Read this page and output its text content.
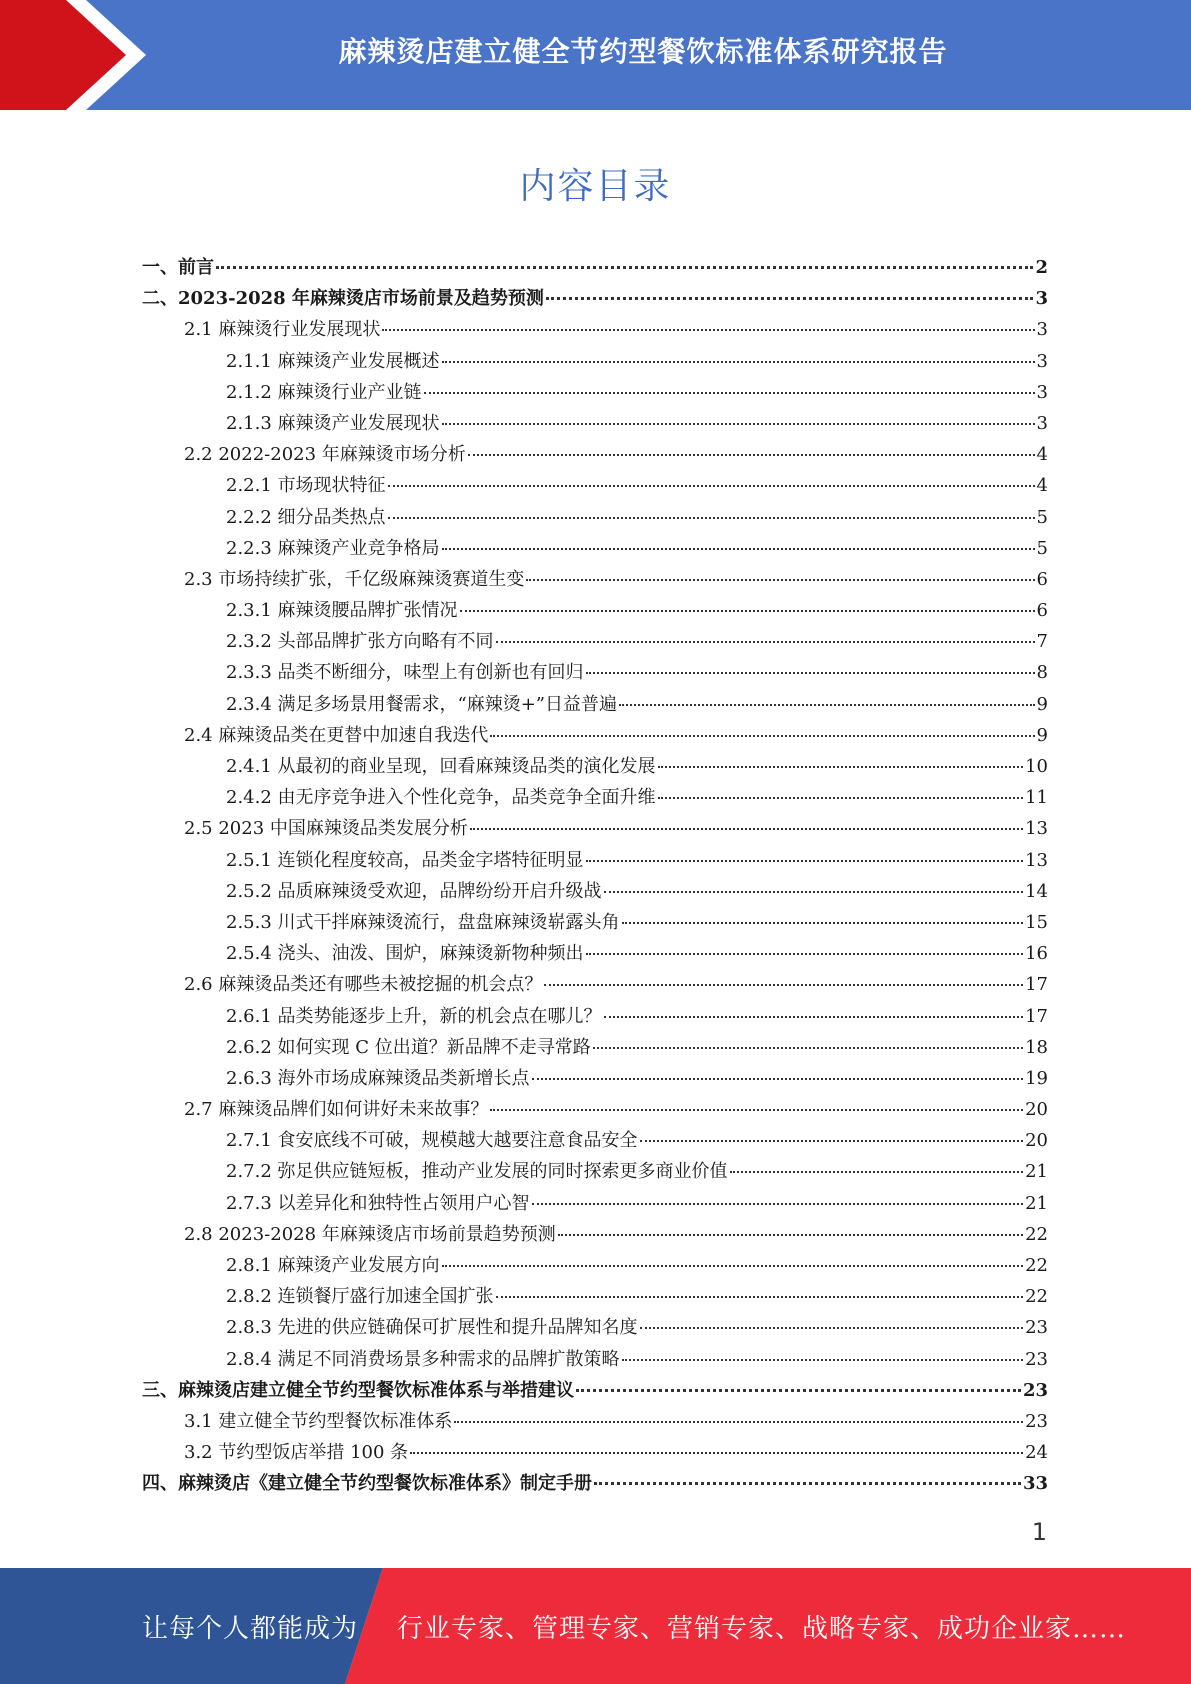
麻辣烫店建立健全节约型餐饮标准体系研究报告
内容目录
一、前言	2
二、2023-2028 年麻辣烫店市场前景及趋势预测	3
2.1 麻辣烫行业发展现状	3
2.1.1 麻辣烫产业发展概述	3
2.1.2 麻辣烫行业产业链	3
2.1.3 麻辣烫产业发展现状	3
2.2 2022-2023 年麻辣烫市场分析	4
2.2.1 市场现状特征	4
2.2.2 细分品类热点	5
2.2.3 麻辣烫产业竞争格局	5
2.3 市场持续扩张，千亿级麻辣烫赛道生变	6
2.3.1 麻辣烫腰品牌扩张情况	6
2.3.2 头部品牌扩张方向略有不同	7
2.3.3 品类不断细分，味型上有创新也有回归	8
2.3.4 满足多场景用餐需求，“麻辣烫+”日益普遍	9
2.4 麻辣烫品类在更替中加速自我迭代	9
2.4.1 从最初的商业呈现，回看麻辣烫品类的演化发展	10
2.4.2 由无序竞争进入个性化竞争，品类竞争全面升维	11
2.5 2023 中国麻辣烫品类发展分析	13
2.5.1 连锁化程度较高，品类金字塔特征明显	13
2.5.2 品质麻辣烫受欢迎，品牌纷纷开启升级战	14
2.5.3 川式干拌麻辣烫流行，盘盘麻辣烫崭露头角	15
2.5.4 浇头、油泼、围炉，麻辣烫新物种频出	16
2.6 麻辣烫品类还有哪些未被挖掘的机会点？	17
2.6.1 品类势能逐步上升，新的机会点在哪儿？	17
2.6.2 如何实现 C 位出道？新品牌不走寻常路	18
2.6.3 海外市场成麻辣烫品类新增长点	19
2.7 麻辣烫品牌们如何讲好未来故事？	20
2.7.1 食安底线不可破，规模越大越要注意食品安全	20
2.7.2 弥足供应链短板，推动产业发展的同时探索更多商业价值	21
2.7.3 以差异化和独特性占领用户心智	21
2.8 2023-2028 年麻辣烫店市场前景趋势预测	22
2.8.1 麻辣烫产业发展方向	22
2.8.2 连锁餐厅盛行加速全国扩张	22
2.8.3 先进的供应链确保可扩展性和提升品牌知名度	23
2.8.4 满足不同消费场景多种需求的品牌扩散策略	23
三、麻辣烫店建立健全节约型餐饮标准体系与举措建议	23
3.1 建立健全节约型餐饮标准体系	23
3.2 节约型饭店举措 100 条	24
四、麻辣烫店《建立健全节约型餐饮标准体系》制定手册	33
1
让每个人都能成为 行业专家、管理专家、营销专家、战略专家、成功企业家……
